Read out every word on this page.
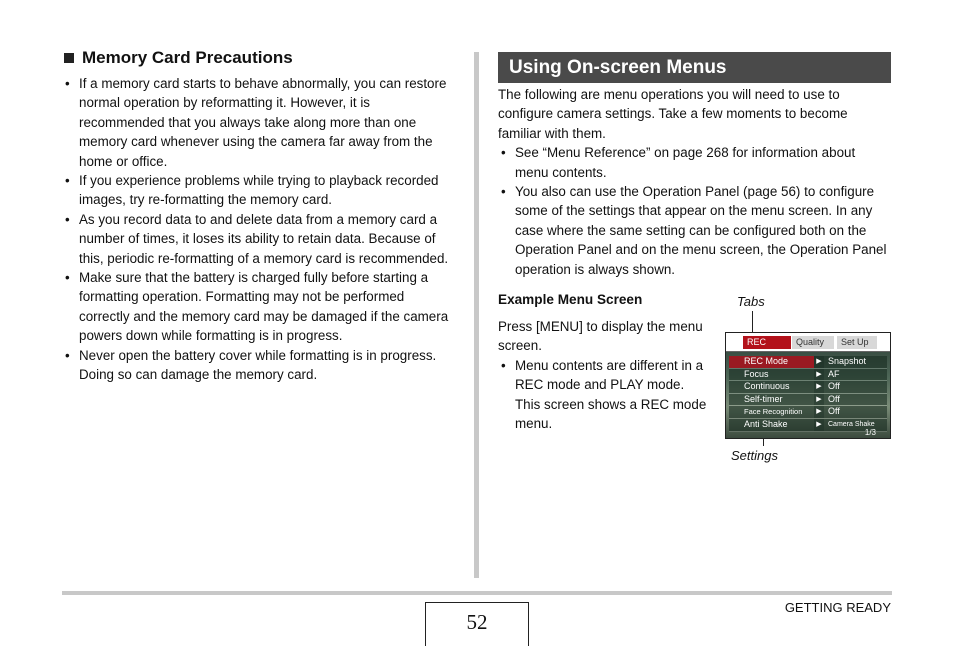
Memory Card Precautions
• If a memory card starts to behave abnormally, you can restore normal operation by reformatting it. However, it is recommended that you always take along more than one memory card whenever using the camera far away from the home or office.
• If you experience problems while trying to playback recorded images, try re-formatting the memory card.
• As you record data to and delete data from a memory card a number of times, it loses its ability to retain data. Because of this, periodic re-formatting of a memory card is recommended.
• Make sure that the battery is charged fully before starting a formatting operation. Formatting may not be performed correctly and the memory card may be damaged if the camera powers down while formatting is in progress.
• Never open the battery cover while formatting is in progress. Doing so can damage the memory card.
Using On-screen Menus

The following are menu operations you will need to use to configure camera settings. Take a few moments to become familiar with them.

• See “Menu Reference” on page 268 for information about menu contents.
• You also can use the Operation Panel (page 56) to configure some of the settings that appear on the menu screen. In any case where the same setting can be configured both on the Operation Panel and on the menu screen, the Operation Panel operation is always shown.
Example Menu Screen
Press [MENU] to display the menu screen.
• Menu contents are different in a REC mode and PLAY mode. This screen shows a REC mode menu.
Tabs
Settings
REC	Quality	Set Up
REC Mode	▶ Snapshot
Focus	▶ AF
Continuous	▶ Off
Self-timer	▶ Off
Face Recognition	▶ Off
Anti Shake	▶ Camera Shake
1/3
52
GETTING READY
